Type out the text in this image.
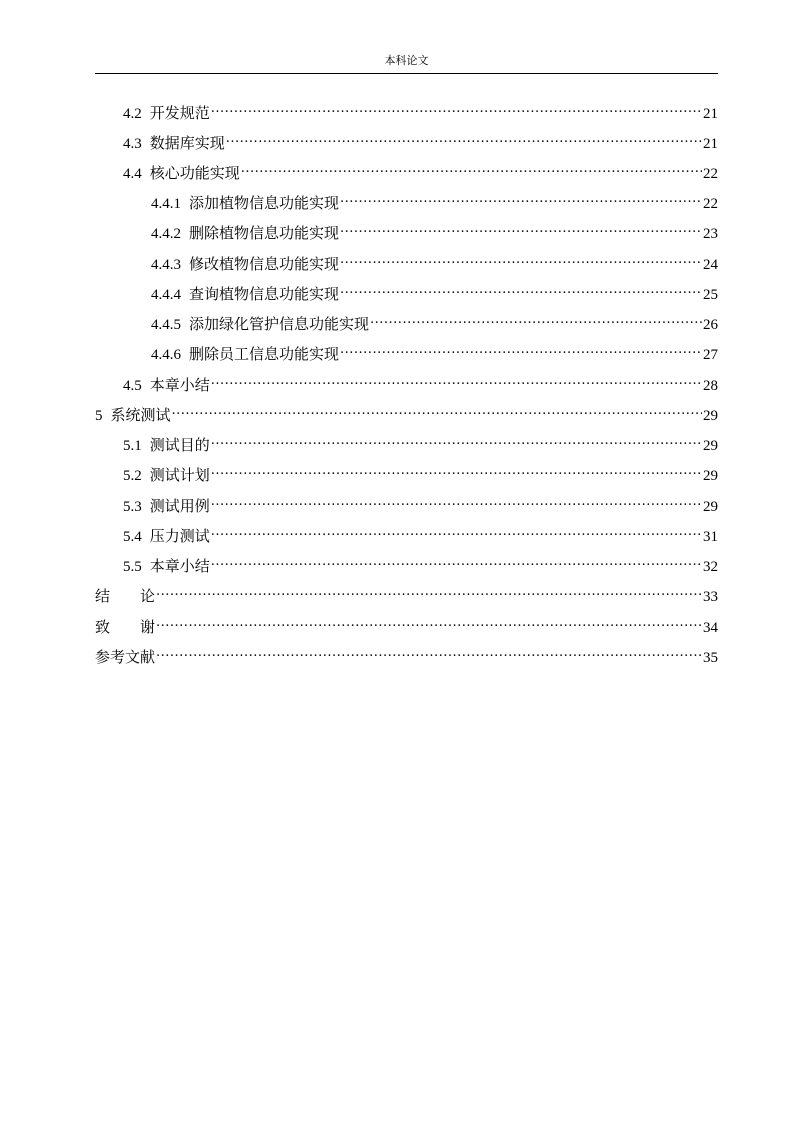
本科论文
4.2 开发规范 .....	21
4.3 数据库实现 .....	21
4.4 核心功能实现 .....	22
4.4.1 添加植物信息功能实现 .....	22
4.4.2 删除植物信息功能实现 .....	23
4.4.3 修改植物信息功能实现 .....	24
4.4.4 查询植物信息功能实现 .....	25
4.4.5 添加绿化管护信息功能实现 .....	26
4.4.6 删除员工信息功能实现 .....	27
4.5 本章小结 .....	28
5 系统测试 .....	29
5.1 测试目的 .....	29
5.2 测试计划 .....	29
5.3 测试用例 .....	29
5.4 压力测试 .....	31
5.5 本章小结 .....	32
结　　论 .....	33
致　　谢 .....	34
参考文献 .....	35
